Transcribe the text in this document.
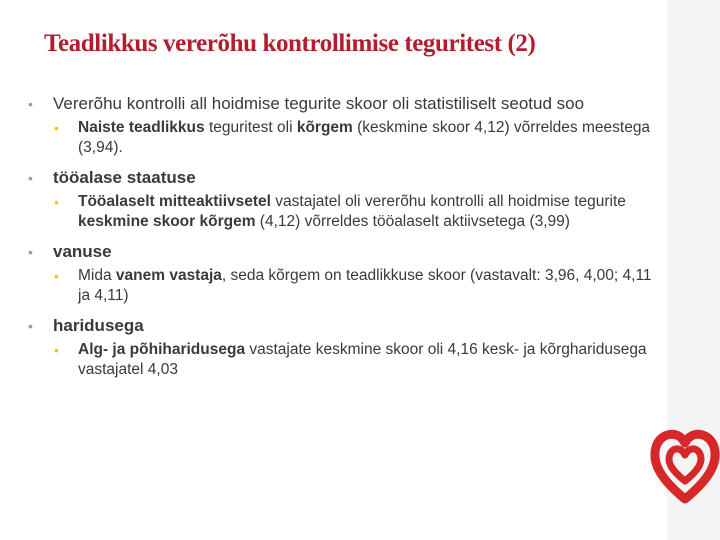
Teadlikkus vererõhu kontrollimise teguritest (2)
• Vererõhu kontrolli all hoidmise tegurite skoor oli statistiliselt seotud soo
• Naiste teadlikkus teguritest oli kõrgem (keskmine skoor 4,12) võrreldes meestega (3,94).
• tööalase staatuse
• Tööalaselt mitteaktiivsetel vastajatel oli vererõhu kontrolli all hoidmise tegurite keskmine skoor kõrgem (4,12) võrreldes tööalaselt aktiivsetega (3,99)
• vanuse
• Mida vanem vastaja, seda kõrgem on teadlikkuse skoor (vastavalt: 3,96, 4,00; 4,11 ja 4,11)
• haridusega
• Alg- ja põhiharidusega vastajate keskmine skoor oli 4,16 kesk- ja kõrgharidusega vastajatel 4,03
